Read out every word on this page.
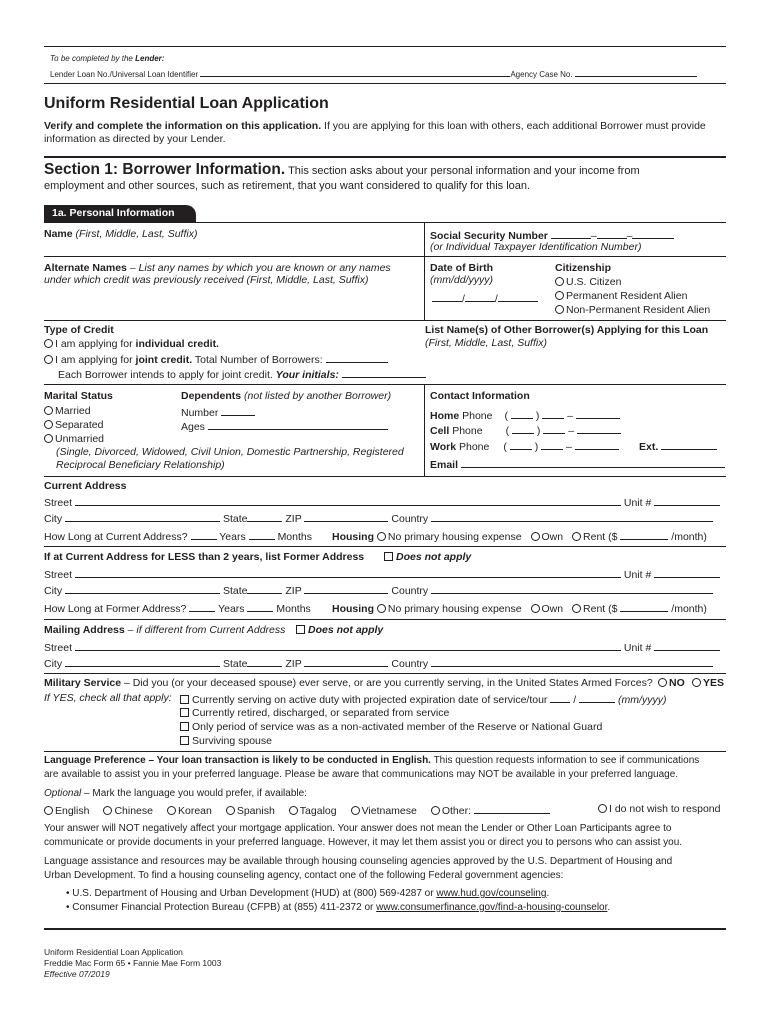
To be completed by the Lender:
Lender Loan No./Universal Loan Identifier	Agency Case No.
Uniform Residential Loan Application
Verify and complete the information on this application. If you are applying for this loan with others, each additional Borrower must provide
information as directed by your Lender.
Section 1: Borrower Information. This section asks about your personal information and your income from
employment and other sources, such as retirement, that you want considered to qualify for this loan.
1a. Personal Information
Name (First, Middle, Last, Suffix)	Social Security Number	–	–
(or Individual Taxpayer Identification Number)
Alternate Names – List any names by which you are known or any names
under which credit was previously received (First, Middle, Last, Suffix)
Date of Birth
(mm/dd/yyyy)
/	/
Citizenship
U.S. Citizen
Permanent Resident Alien
Non-Permanent Resident Alien
Type of Credit
I am applying for individual credit.
I am applying for joint credit. Total Number of Borrowers:
Each Borrower intends to apply for joint credit. Your initials:
List Name(s) of Other Borrower(s) Applying for this Loan
(First, Middle, Last, Suffix)
Marital Status
Married
Separated
Unmarried
(Single, Divorced, Widowed, Civil Union, Domestic Partnership, Registered
Reciprocal Beneficiary Relationship)
Dependents (not listed by another Borrower)
Number
Ages
Contact Information
Home Phone (  )  –
Cell Phone (  )  –
Work Phone (  )  –	Ext.
Email
Current Address
Street	Unit #
City	State	ZIP	Country
How Long at Current Address?	Years	Months Housing No primary housing expense Own Rent ($	/month)
If at Current Address for LESS than 2 years, list Former Address	Does not apply
Street	Unit #
City	State	ZIP	Country
How Long at Former Address?	Years	Months Housing No primary housing expense Own Rent ($	/month)
Mailing Address – if different from Current Address	Does not apply
Street	Unit #
City	State	ZIP	Country
Military Service – Did you (or your deceased spouse) ever serve, or are you currently serving, in the United States Armed Forces?	NO	YES
If YES, check all that apply:	Currently serving on active duty with projected expiration date of service/tour  /	(mm/yyyy)
Currently retired, discharged, or separated from service
Only period of service was as a non-activated member of the Reserve or National Guard
Surviving spouse
Language Preference – Your loan transaction is likely to be conducted in English. This question requests information to see if communications
are available to assist you in your preferred language. Please be aware that communications may NOT be available in your preferred language.
Optional – Mark the language you would prefer, if available:
English Chinese Korean Spanish Tagalog Vietnamese Other:	I do not wish to respond
Your answer will NOT negatively affect your mortgage application. Your answer does not mean the Lender or Other Loan Participants agree to
communicate or provide documents in your preferred language. However, it may let them assist you or direct you to persons who can assist you.
Language assistance and resources may be available through housing counseling agencies approved by the U.S. Department of Housing and
Urban Development. To find a housing counseling agency, contact one of the following Federal government agencies:
• U.S. Department of Housing and Urban Development (HUD) at (800) 569-4287 or www.hud.gov/counseling.
• Consumer Financial Protection Bureau (CFPB) at (855) 411-2372 or www.consumerfinance.gov/find-a-housing-counselor.
Uniform Residential Loan Application
Freddie Mac Form 65 • Fannie Mae Form 1003
Effective 07/2019
